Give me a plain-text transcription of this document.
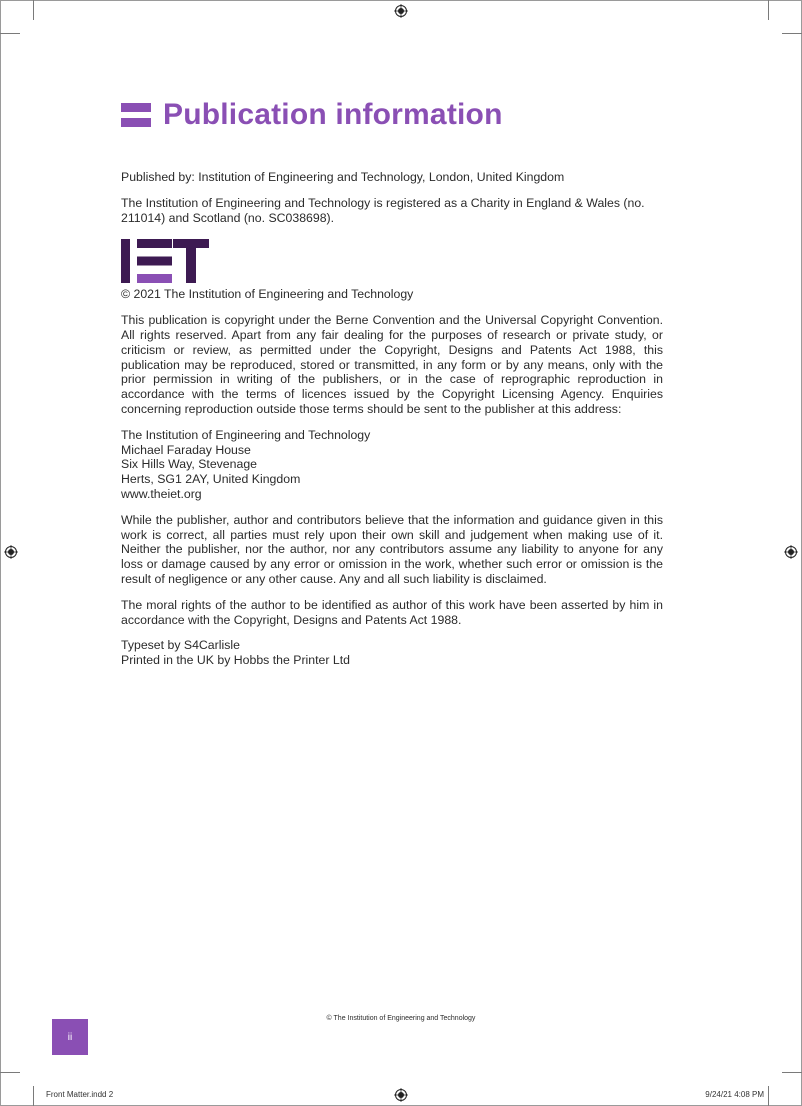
Publication information

Published by: Institution of Engineering and Technology, London, United Kingdom

The Institution of Engineering and Technology is registered as a Charity in England & Wales (no. 211014) and Scotland (no. SC038698).

© 2021 The Institution of Engineering and Technology

This publication is copyright under the Berne Convention and the Universal Copyright Convention. All rights reserved. Apart from any fair dealing for the purposes of research or private study, or criticism or review, as permitted under the Copyright, Designs and Patents Act 1988, this publication may be reproduced, stored or transmitted, in any form or by any means, only with the prior permission in writing of the publishers, or in the case of reprographic reproduction in accordance with the terms of licences issued by the Copyright Licensing Agency. Enquiries concerning reproduction outside those terms should be sent to the publisher at this address:

The Institution of Engineering and Technology
Michael Faraday House
Six Hills Way, Stevenage
Herts, SG1 2AY, United Kingdom
www.theiet.org

While the publisher, author and contributors believe that the information and guidance given in this work is correct, all parties must rely upon their own skill and judgement when making use of it. Neither the publisher, nor the author, nor any contributors assume any liability to anyone for any loss or damage caused by any error or omission in the work, whether such error or omission is the result of negligence or any other cause. Any and all such liability is disclaimed.

The moral rights of the author to be identified as author of this work have been asserted by him in accordance with the Copyright, Designs and Patents Act 1988.

Typeset by S4Carlisle
Printed in the UK by Hobbs the Printer Ltd
© The Institution of Engineering and Technology
ii
Front Matter.indd 2	9/24/21 4:08 PM
